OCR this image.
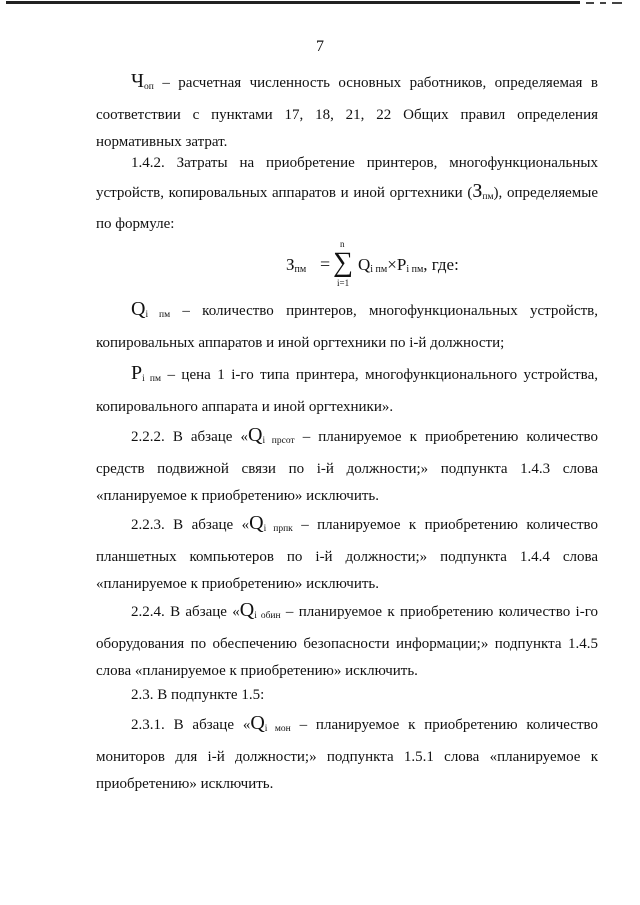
7

$Ч_{оп}$ – расчетная численность основных работников, определяемая в соответствии с пунктами 17, 18, 21, 22 Общих правил определения нормативных затрат.

1.4.2. Затраты на приобретение принтеров, многофункциональных устройств, копировальных аппаратов и иной оргтехники $(З_{пм})$, определяемые по формуле:

$З_{пм}$ =
n
∑
i=1
$Q_{i пм}\times P_{i пм}$, где:

$Q_{i пм}$ – количество принтеров, многофункциональных устройств, копировальных аппаратов и иной оргтехники по i-й должности;

$P_{i пм}$ – цена 1 i-го типа принтера, многофункционального устройства, копировального аппарата и иной оргтехники».

2.2.2. В абзаце «$Q_{i прсот}$ – планируемое к приобретению количество средств подвижной связи по i-й должности;» подпункта 1.4.3 слова «планируемое к приобретению» исключить.

2.2.3. В абзаце «$Q_{i прпк}$ – планируемое к приобретению количество планшетных компьютеров по i-й должности;» подпункта 1.4.4 слова «планируемое к приобретению» исключить.

2.2.4. В абзаце «$Q_{i обин}$ – планируемое к приобретению количество i-го оборудования по обеспечению безопасности информации;» подпункта 1.4.5 слова «планируемое к приобретению» исключить.

2.3. В подпункте 1.5:

2.3.1. В абзаце «$Q_{i мон}$ – планируемое к приобретению количество мониторов для i-й должности;» подпункта 1.5.1 слова «планируемое к приобретению» исключить.
